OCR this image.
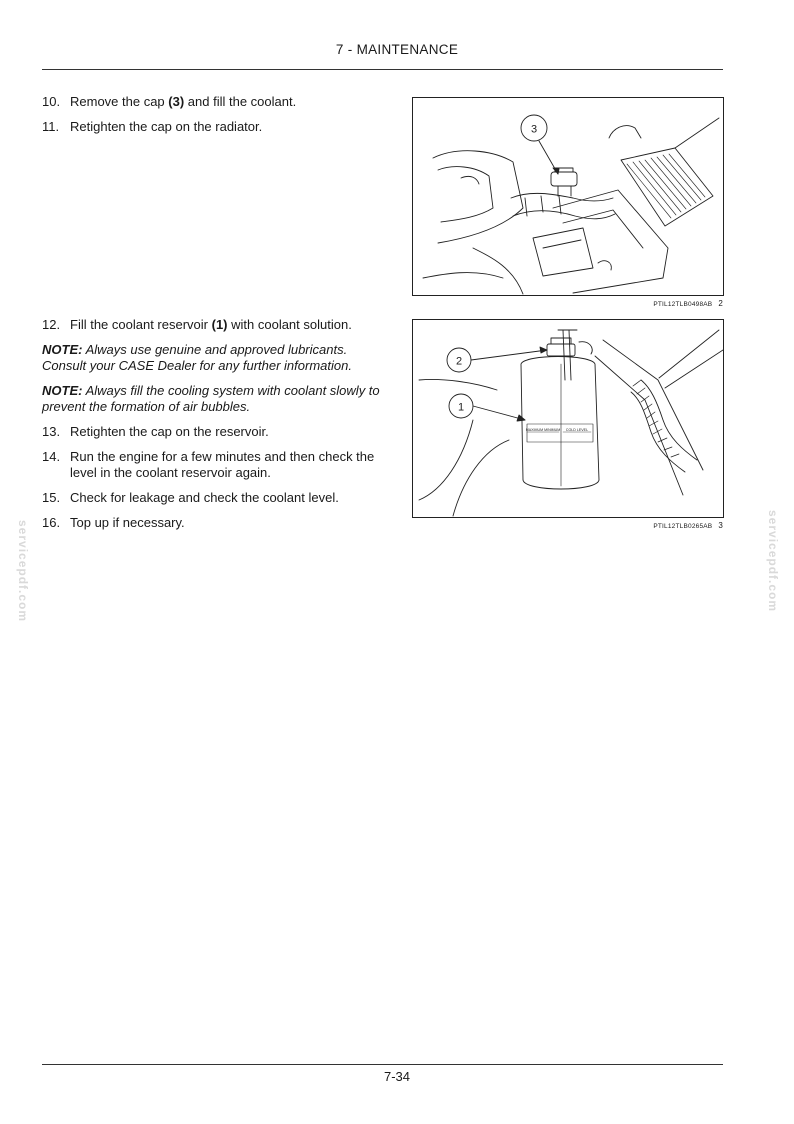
7 - MAINTENANCE
10. Remove the cap (3) and fill the coolant.
11. Retighten the cap on the radiator.
12. Fill the coolant reservoir (1) with coolant solution.
NOTE: Always use genuine and approved lubricants. Consult your CASE Dealer for any further information.
NOTE: Always fill the cooling system with coolant slowly to prevent the formation of air bubbles.
13. Retighten the cap on the reservoir.
14. Run the engine for a few minutes and then check the level in the coolant reservoir again.
15. Check for leakage and check the coolant level.
16. Top up if necessary.
3
PTIL12TLB0498AB 2
MAXIMUM MINIMUM COLD LEVEL
2
1
PTIL12TLB0265AB 3
servicepdf.com	servicepdf.com
7-34
